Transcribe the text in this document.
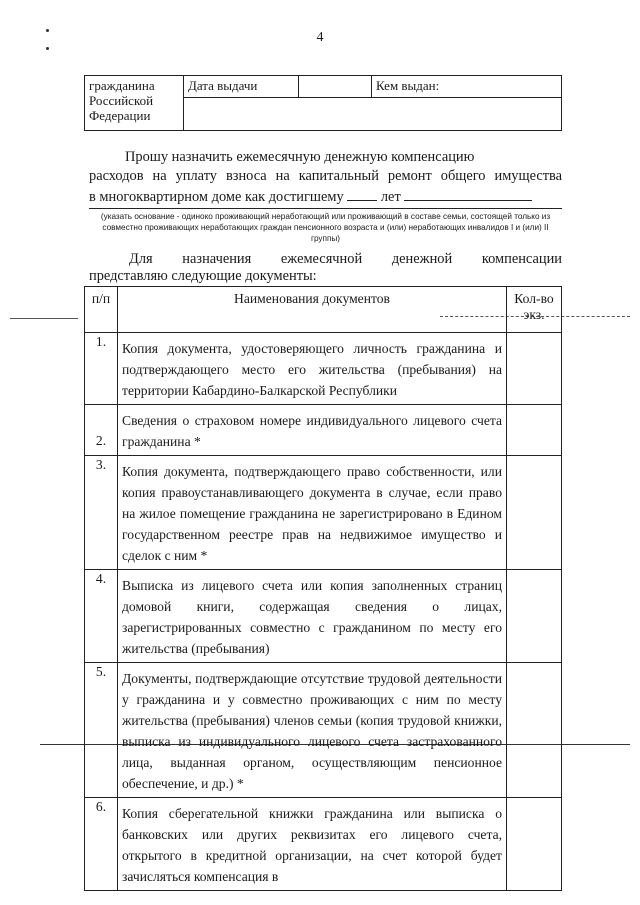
4
гражданина
Российской
Федерации
	Дата выдачи		Кем выдан:

Прошу назначить ежемесячную денежную компенсацию
расходов на уплату взноса на капитальный ремонт общего имущества
в многоквартирном доме как достигшему	лет
(указать основание - одиноко проживающий неработающий или проживающий в составе семьи, состоящей только из
совместно проживающих неработающих граждан пенсионного возраста и (или) неработающих инвалидов I и (или) II группы)
Для назначения ежемесячной денежной компенсации
представляю следующие документы:
п/п	Наименования документов	Кол-во
экз.

1.	Копия документа, удостоверяющего личность гражданина и подтверждающего место его жительства (пребывания) на территории Кабардино-Балкарской Республики	
2.	Сведения о страховом номере индивидуального лицевого счета гражданина *	
3.	Копия документа, подтверждающего право собственности, или копия правоустанавливающего документа в случае, если право на жилое помещение гражданина не зарегистрировано в Едином государственном реестре прав на недвижимое имущество и сделок с ним *	
4.	Выписка из лицевого счета или копия заполненных страниц домовой книги, содержащая сведения о лицах, зарегистрированных совместно с гражданином по месту его жительства (пребывания)	
5.	Документы, подтверждающие отсутствие трудовой деятельности у гражданина и у совместно проживающих с ним по месту жительства (пребывания) членов семьи (копия трудовой книжки, выписка из индивидуального лицевого счета застрахованного лица, выданная органом, осуществляющим пенсионное обеспечение, и др.) *	
6.	Копия сберегательной книжки гражданина или выписка о банковских или других реквизитах его лицевого счета, открытого в кредитной организации, на счет которой будет зачисляться компенсация в	
